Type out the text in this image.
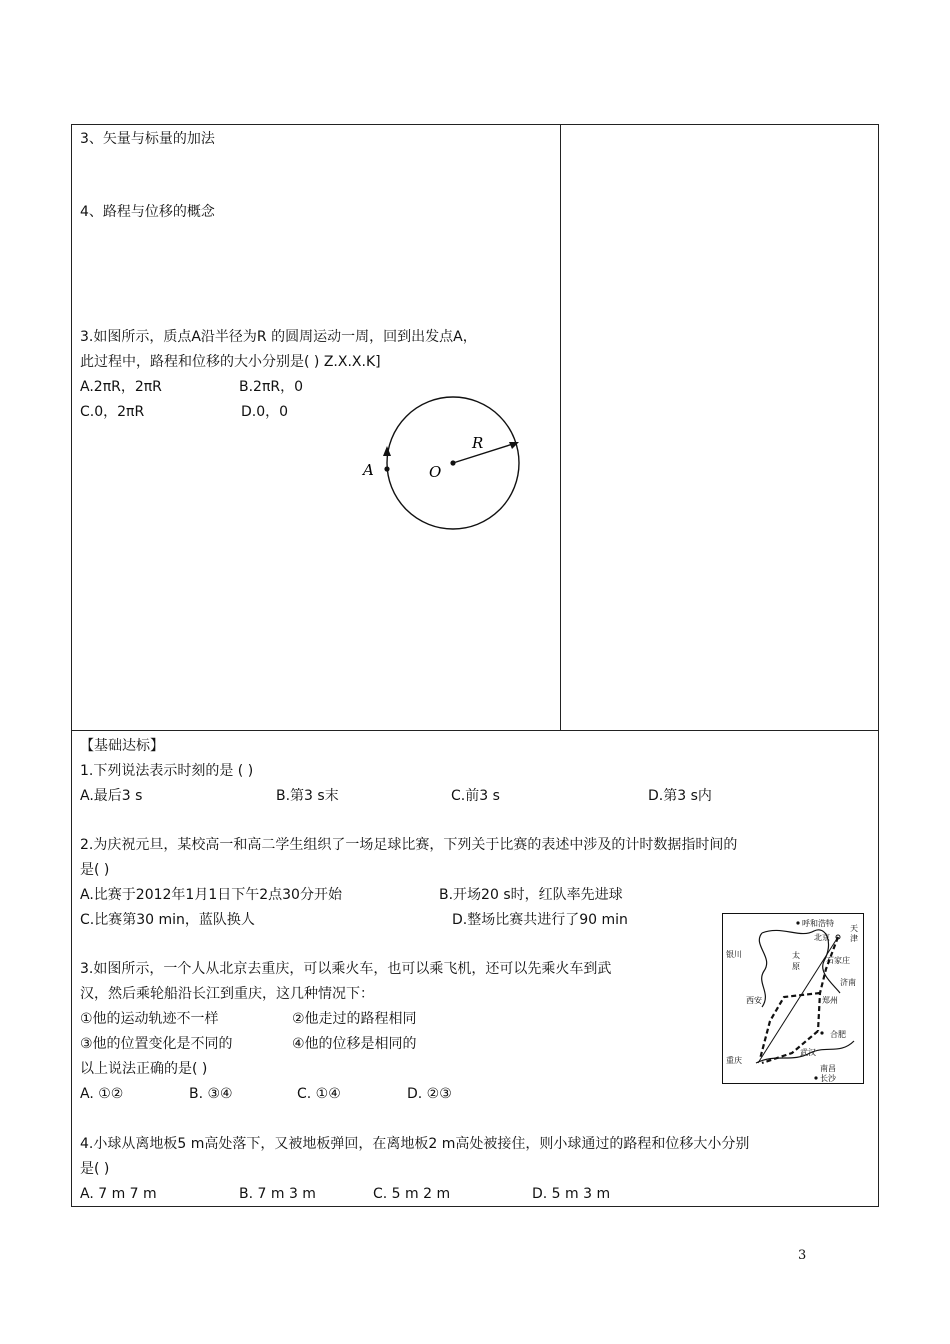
3、矢量与标量的加法
4、路程与位移的概念
3.如图所示，质点A沿半径为R 的圆周运动一周，回到出发点A，
此过程中，路程和位移的大小分别是( ) Z.X.X.K]
A.2πR，2πR	B.2πR，0
C.0，2πR	D.0，0
R
A	O
【基础达标】
1.下列说法表示时刻的是 ( )
A.最后3 s	B.第3 s末	C.前3 s	D.第3 s内
2.为庆祝元旦，某校高一和高二学生组织了一场足球比赛，下列关于比赛的表述中涉及的计时数据指时间的
是( )
A.比赛于2012年1月1日下午2点30分开始	B.开场20 s时，红队率先进球
C.比赛第30 min，蓝队换人	D.整场比赛共进行了90 min
3.如图所示，一个人从北京去重庆，可以乘火车，也可以乘飞机，还可以先乘火车到武
汉，然后乘轮船沿长江到重庆，这几种情况下：
①他的运动轨迹不一样	②他走过的路程相同
③他的位置变化是不同的	④他的位移是相同的
以上说法正确的是( )
A. ①②	B. ③④	C. ①④	D. ②③
呼和浩特
北京
天
津
银川	太
原
石家庄
济南
西安	郑州
合肥
重庆
武汉
南昌
长沙
4.小球从离地板5 m高处落下，又被地板弹回，在离地板2 m高处被接住，则小球通过的路程和位移大小分别
是( )
A. 7 m 7 m	B. 7 m 3 m	C. 5 m 2 m	D. 5 m 3 m
3
